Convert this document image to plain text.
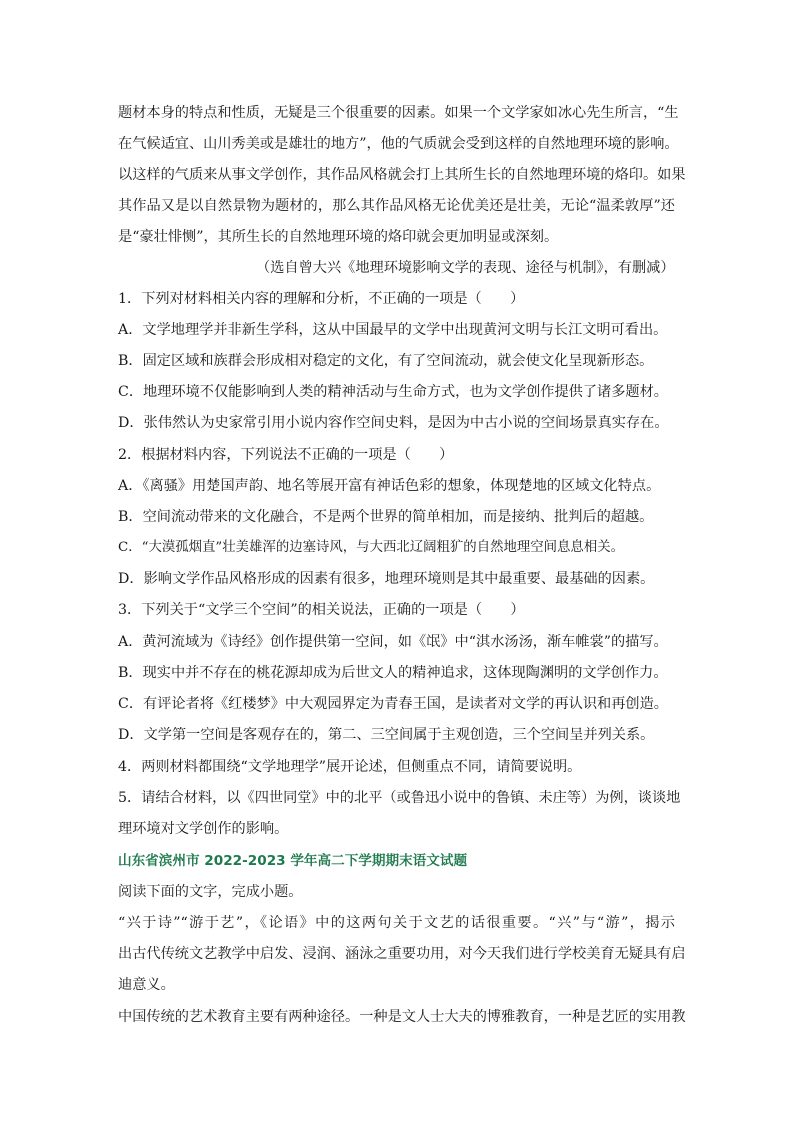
题材本身的特点和性质，无疑是三个很重要的因素。如果一个文学家如冰心先生所言，“生
在气候适宜、山川秀美或是雄壮的地方”，他的气质就会受到这样的自然地理环境的影响。
以这样的气质来从事文学创作，其作品风格就会打上其所生长的自然地理环境的烙印。如果
其作品又是以自然景物为题材的，那么其作品风格无论优美还是壮美，无论“温柔敦厚”还
是“豪壮悱恻”，其所生长的自然地理环境的烙印就会更加明显或深刻。
（选自曾大兴《地理环境影响文学的表现、途径与机制》，有删减）
1．下列对材料相关内容的理解和分析，不正确的一项是（　　）
A．文学地理学并非新生学科，这从中国最早的文学中出现黄河文明与长江文明可看出。
B．固定区域和族群会形成相对稳定的文化，有了空间流动，就会使文化呈现新形态。
C．地理环境不仅能影响到人类的精神活动与生命方式，也为文学创作提供了诸多题材。
D．张伟然认为史家常引用小说内容作空间史料，是因为中古小说的空间场景真实存在。
2．根据材料内容，下列说法不正确的一项是（　　）
A．《离骚》用楚国声韵、地名等展开富有神话色彩的想象，体现楚地的区域文化特点。
B．空间流动带来的文化融合，不是两个世界的简单相加，而是接纳、批判后的超越。
C．“大漠孤烟直”壮美雄浑的边塞诗风，与大西北辽阔粗犷的自然地理空间息息相关。
D．影响文学作品风格形成的因素有很多，地理环境则是其中最重要、最基础的因素。
3．下列关于“文学三个空间”的相关说法，正确的一项是（　　）
A．黄河流域为《诗经》创作提供第一空间，如《氓》中“淇水汤汤，渐车帷裳”的描写。
B．现实中并不存在的桃花源却成为后世文人的精神追求，这体现陶渊明的文学创作力。
C．有评论者将《红楼梦》中大观园界定为青春王国，是读者对文学的再认识和再创造。
D．文学第一空间是客观存在的，第二、三空间属于主观创造，三个空间呈并列关系。
4．两则材料都围绕“文学地理学”展开论述，但侧重点不同，请简要说明。
5．请结合材料，以《四世同堂》中的北平（或鲁迅小说中的鲁镇、未庄等）为例，谈谈地
理环境对文学创作的影响。
山东省滨州市 2022-2023 学年高二下学期期末语文试题
阅读下面的文字，完成小题。
“兴于诗”“游于艺”，《论语》中的这两句关于文艺的话很重要。“兴”与“游”，揭示
出古代传统文艺教学中启发、浸润、涵泳之重要功用，对今天我们进行学校美育无疑具有启
迪意义。
中国传统的艺术教育主要有两种途径。一种是文人士大夫的博雅教育，一种是艺匠的实用教
